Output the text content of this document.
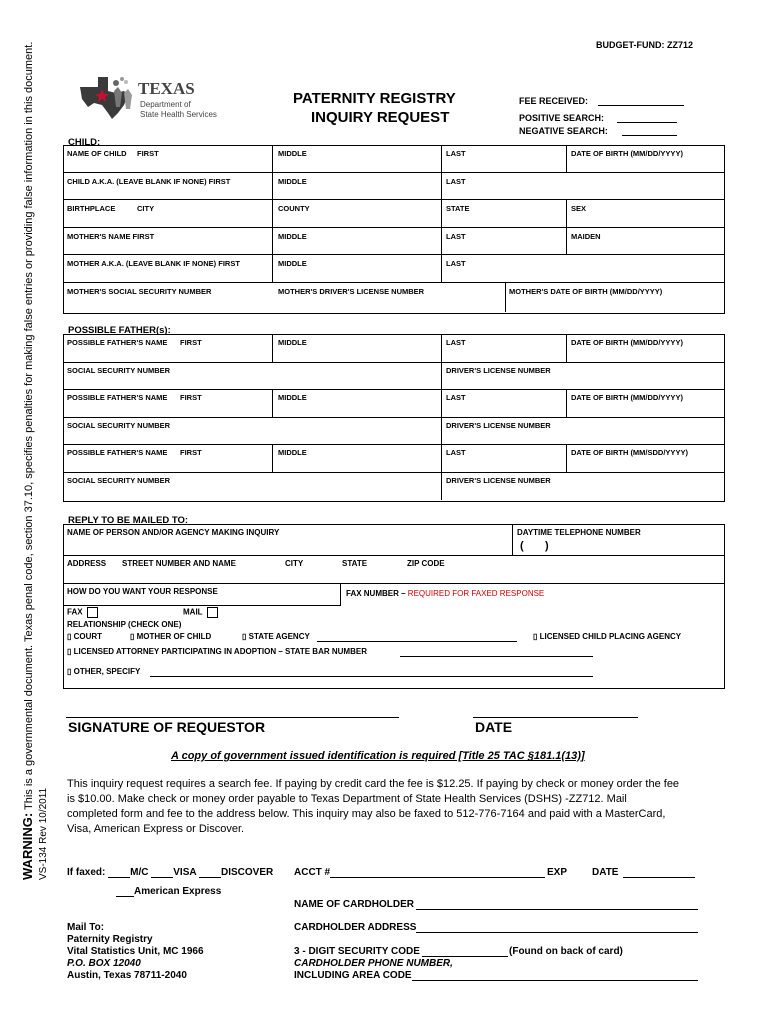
WARNING: This is a governmental document. Texas penal code, section 37.10, specifies penalties for making false entries or providing false information in this document.
VS-134 Rev 10/2011
BUDGET-FUND: ZZ712
TEXAS
Department of
State Health Services
PATERNITY REGISTRY
INQUIRY REQUEST
FEE RECEIVED:
POSITIVE SEARCH:
NEGATIVE SEARCH:
CHILD:
NAME OF CHILD FIRST	MIDDLE	LAST	DATE OF BIRTH (MM/DD/YYYY)
CHILD A.K.A. (LEAVE BLANK IF NONE) FIRST	MIDDLE	LAST
BIRTHPLACE	CITY	COUNTY	STATE	SEX
MOTHER'S NAME FIRST	MIDDLE	LAST	MAIDEN
MOTHER A.K.A. (LEAVE BLANK IF NONE) FIRST	MIDDLE	LAST
MOTHER'S SOCIAL SECURITY NUMBER	MOTHER'S DRIVER'S LICENSE NUMBER	MOTHER'S DATE OF BIRTH (MM/DD/YYYY)
POSSIBLE FATHER(s):
POSSIBLE FATHER'S NAME FIRST	MIDDLE	LAST	DATE OF BIRTH (MM/DD/YYYY)
SOCIAL SECURITY NUMBER	DRIVER'S LICENSE NUMBER
POSSIBLE FATHER'S NAME FIRST	MIDDLE	LAST	DATE OF BIRTH (MM/DD/YYYY)
SOCIAL SECURITY NUMBER	DRIVER'S LICENSE NUMBER
POSSIBLE FATHER'S NAME FIRST	MIDDLE	LAST	DATE OF BIRTH (MM/SDD/YYYY)
SOCIAL SECURITY NUMBER	DRIVER'S LICENSE NUMBER
REPLY TO BE MAILED TO:
NAME OF PERSON AND/OR AGENCY MAKING INQUIRY	DAYTIME TELEPHONE NUMBER
(       )
ADDRESS STREET NUMBER AND NAME	CITY	STATE	ZIP CODE
HOW DO YOU WANT YOUR RESPONSE	FAX NUMBER – REQUIRED FOR FAXED RESPONSE
FAX	MAIL
RELATIONSHIP (CHECK ONE)
▯ COURT	▯ MOTHER OF CHILD	▯ STATE AGENCY	▯ LICENSED CHILD PLACING AGENCY
▯ LICENSED ATTORNEY PARTICIPATING IN ADOPTION – STATE BAR NUMBER
▯ OTHER, SPECIFY
SIGNATURE OF REQUESTOR	DATE
A copy of government issued identification is required [Title 25 TAC §181.1(13)]
This inquiry request requires a search fee. If paying by credit card the fee is $12.25. If paying by check or money order the fee
is $10.00. Make check or money order payable to Texas Department of State Health Services (DSHS) -ZZ712. Mail
completed form and fee to the address below. This inquiry may also be faxed to 512-776-7164 and paid with a MasterCard,
Visa, American Express or Discover.
If faxed: M/C VISA DISCOVER
American Express
ACCT #	EXP DATE
NAME OF CARDHOLDER
CARDHOLDER ADDRESS
3 - DIGIT SECURITY CODE	(Found on back of card)
CARDHOLDER PHONE NUMBER,
INCLUDING AREA CODE
Mail To:
Paternity Registry
Vital Statistics Unit, MC 1966
P.O. BOX 12040
Austin, Texas 78711-2040
